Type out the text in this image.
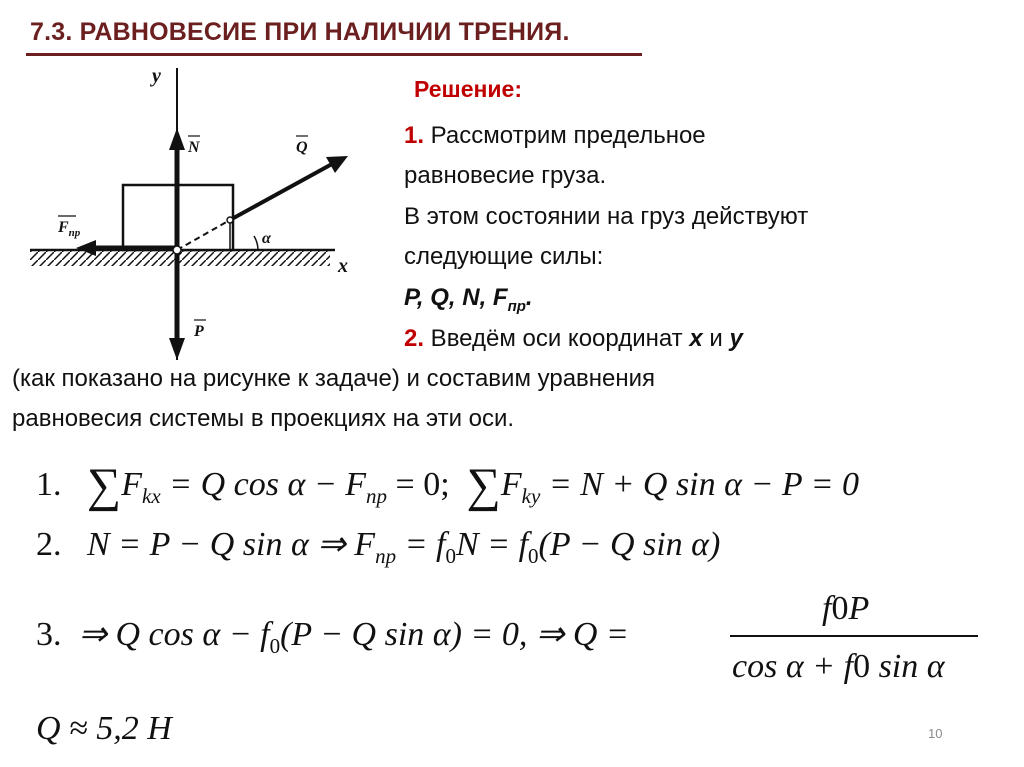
7.3. РАВНОВЕСИЕ ПРИ НАЛИЧИИ ТРЕНИЯ.
y
x
N	Q
P
$F_{пр}$	α
Решение:
1. Рассмотрим предельное
равновесие груза.
В этом состоянии на груз действуют
следующие силы:
P, Q, N, $F_{пр}$.
2. Введём оси координат x и y
(как показано на рисунке к задаче) и составим уравнения
равновесия системы в проекциях на эти оси.
1. $\sum F_{kx} = Q$ $\cos \alpha - F_{пр} = 0$; $\sum F_{ky} = N + Q$ sin α − P = 0
2. N = P − Q sin α ⇒ $F_{пр} = f_0N = f_0(P - Q$ sin α)
3. ⇒ Q $\cos \alpha - f_0(P - Q$ sin α) = 0, ⇒ Q =
f0P
cos α + f0 sin α
Q ≈ 5,2 H	10
